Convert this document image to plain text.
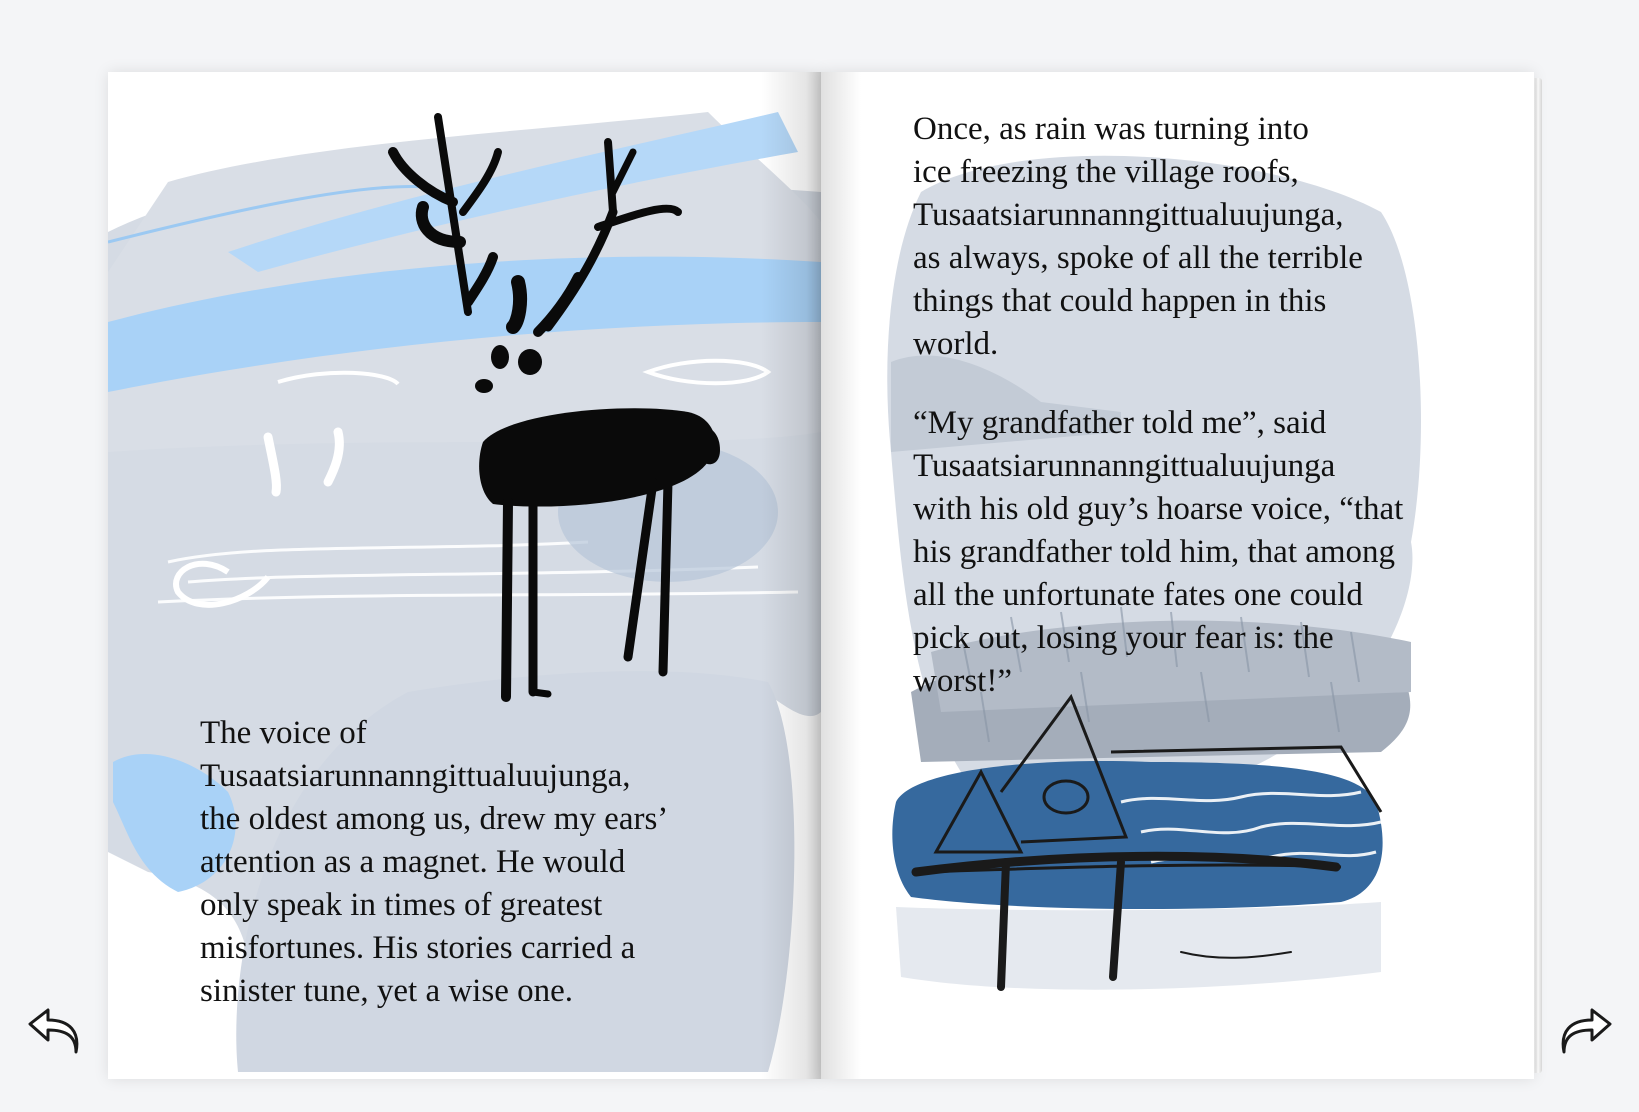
The voice of
Tusaatsiarunnanngittualuujunga,
the oldest among us, drew my ears’
attention as a magnet. He would
only speak in times of greatest
misfortunes. His stories carried a
sinister tune, yet a wise one.

Once, as rain was turning into
ice freezing the village roofs,
Tusaatsiarunnanngittualuujunga,
as always, spoke of all the terrible
things that could happen in this
world.

“My grandfather told me”, said
Tusaatsiarunnanngittualuujunga
with his old guy’s hoarse voice, “that
his grandfather told him, that among
all the unfortunate fates one could
pick out, losing your fear is: the
worst!”
